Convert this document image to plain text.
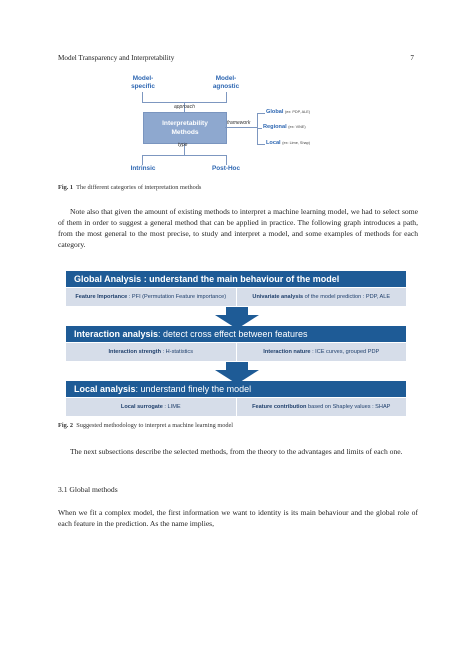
Model Transparency and Interpretability	7
Model-
specific
Model-
agnostic
approach
Interpretability
Methods
framework
Global (ex: PDP, ALE)
Regional (ex: VINE)
Local (ex: Lime, Shap)
type
Intrinsic	Post-Hoc
Fig. 1 The different categories of interpretation methods
Note also that given the amount of existing methods to interpret a machine learning model, we had to select some of them in order to suggest a general method that can be applied in practice. The following graph introduces a path, from the most general to the most precise, to study and interpret a model, and some examples of methods for each category.
Global Analysis : understand the main behaviour of the model
Feature Importance : PFI (Permutation Feature importance)	Univariate analysis of the model prediction : PDP, ALE
Interaction analysis : detect cross effect between features
Interaction strength : H-statistics	Interaction nature : ICE curves, grouped PDP
Local analysis : understand finely the model
Local surrogate : LIME	Feature contribution based on Shapley values : SHAP
Fig. 2 Suggested methodology to interpret a machine learning model
The next subsections describe the selected methods, from the theory to the advantages and limits of each one.
3.1 Global methods
When we fit a complex model, the first information we want to identity is its main behaviour and the global role of each feature in the prediction. As the name implies,
